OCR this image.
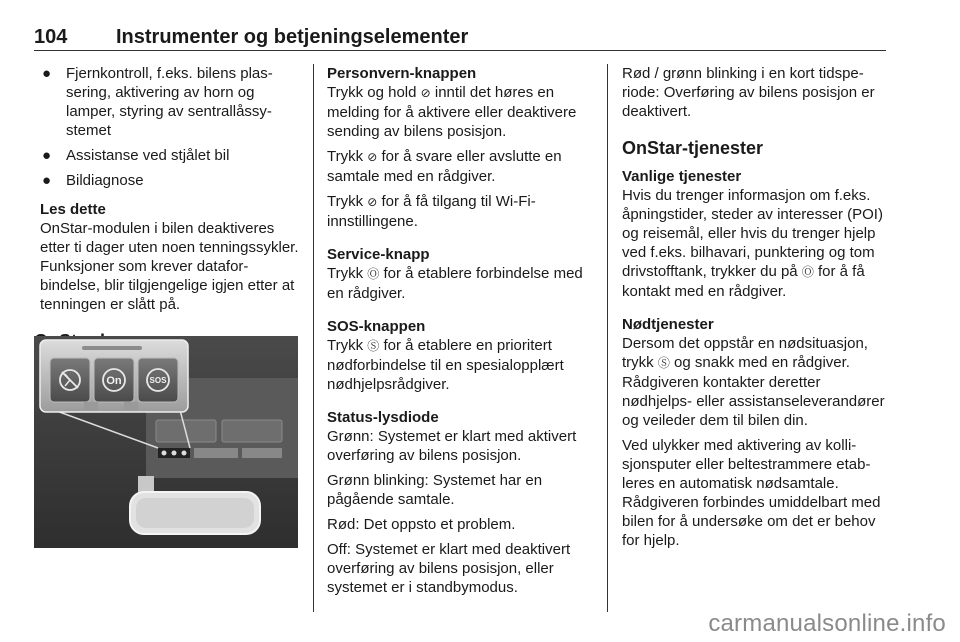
104 Instrumenter og betjeningselementer
● Fjernkontroll, f.eks. bilens plassering, aktivering av horn og lamper, styring av sentrallåssystemet
● Assistanse ved stjålet bil
● Bildiagnose
Les dette
OnStar-modulen i bilen deaktiveres etter ti dager uten noen tenningssykler. Funksjoner som krever dataforbindelse, blir tilgjengelige igjen etter at tenningen er slått på.
On	SOS
Personvern-knappen

Trykk og hold ⊘ inntil det høres en melding for å aktivere eller deaktivere sending av bilens posisjon.

Trykk ⊘ for å svare eller avslutte en samtale med en rådgiver.

Trykk ⊘ for å få tilgang til Wi-Fi-innstillingene.

Service-knapp

Trykk Ⓞ for å etablere forbindelse med en rådgiver.

SOS-knappen

Trykk Ⓢ for å etablere en prioritert nødforbindelse til en spesialopplært nødhjelpsrådgiver.

Status-lysdiode

Grønn: Systemet er klart med aktivert overføring av bilens posisjon.

Grønn blinking: Systemet har en pågående samtale.

Rød: Det oppsto et problem.

Off: Systemet er klart med deaktivert overføring av bilens posisjon, eller systemet er i standbymodus.

Rød / grønn blinking i en kort tidsperiode: Overføring av bilens posisjon er deaktivert.

OnStar-tjenester
Vanlige tjenester

Hvis du trenger informasjon om f.eks. åpningstider, steder av interesser (POI) og reisemål, eller hvis du trenger hjelp ved f.eks. bilhavari, punktering og tom drivstofftank, trykker du på Ⓞ for å få kontakt med en rådgiver.

Nødtjenester

Dersom det oppstår en nødsituasjon, trykk Ⓢ og snakk med en rådgiver. Rådgiveren kontakter deretter nødhjelps- eller assistanseleverandører og veileder dem til bilen din.

Ved ulykker med aktivering av kollisjonsputer eller beltestrammere etableres en automatisk nødsamtale. Rådgiveren forbindes umiddelbart med bilen for å undersøke om det er behov for hjelp.

carmanualsonline.info
